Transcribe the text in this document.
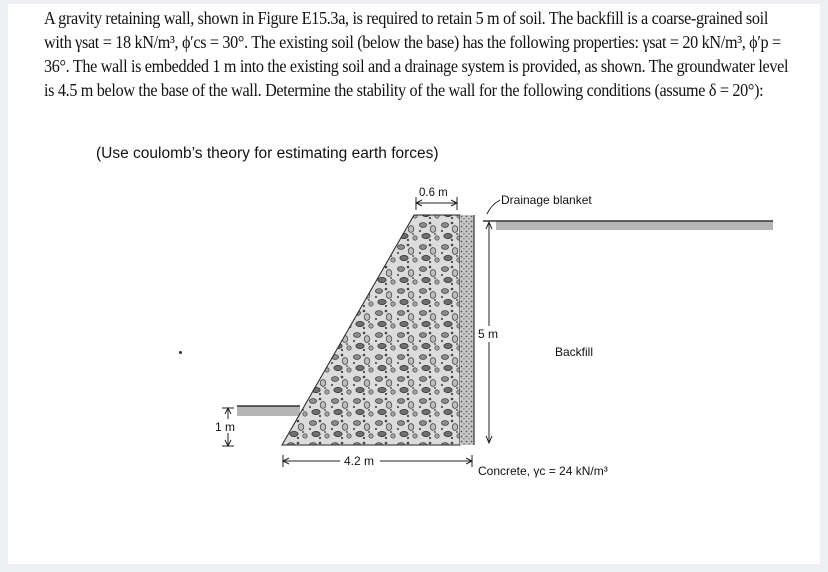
A gravity retaining wall, shown in Figure E15.3a, is required to retain 5 m of soil. The backfill is a coarse-grained soil
with γsat = 18 kN/m³, ϕ′cs = 30°. The existing soil (below the base) has the following properties: γsat = 20 kN/m³, ϕ′p =
36°. The wall is embedded 1 m into the existing soil and a drainage system is provided, as shown. The groundwater level
is 4.5 m below the base of the wall. Determine the stability of the wall for the following conditions (assume δ = 20°):
(Use coulomb’s theory for estimating earth forces)
0.6 m	Drainage blanket
5 m
Backfill
1 m
4.2 m
Concrete, γc = 24 kN/m³
